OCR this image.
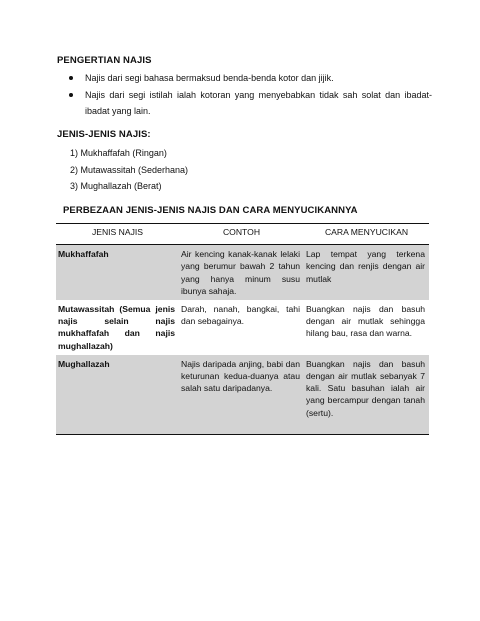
PENGERTIAN NAJIS
Najis dari segi bahasa bermaksud benda-benda kotor dan jijik.
Najis dari segi istilah ialah kotoran yang menyebabkan tidak sah solat dan ibadat-ibadat yang lain.
JENIS-JENIS NAJIS:
1) Mukhaffafah (Ringan)
2) Mutawassitah (Sederhana)
3) Mughallazah (Berat)
PERBEZAAN JENIS-JENIS NAJIS DAN CARA MENYUCIKANNYA
JENIS NAJIS	CONTOH	CARA MENYUCIKAN
Mukhaffafah	Air kencing kanak-kanak lelaki yang berumur bawah 2 tahun yang hanya minum susu ibunya sahaja.	Lap tempat yang terkena kencing dan renjis dengan air mutlak
Mutawassitah (Semua jenis najis selain najis mukhaffafah dan najis mughallazah)	Darah, nanah, bangkai, tahi dan sebagainya.	Buangkan najis dan basuh dengan air mutlak sehingga hilang bau, rasa dan warna.
Mughallazah	Najis daripada anjing, babi dan keturunan kedua-duanya atau salah satu daripadanya.	Buangkan najis dan basuh dengan air mutlak sebanyak 7 kali. Satu basuhan ialah air yang bercampur dengan tanah (sertu).
